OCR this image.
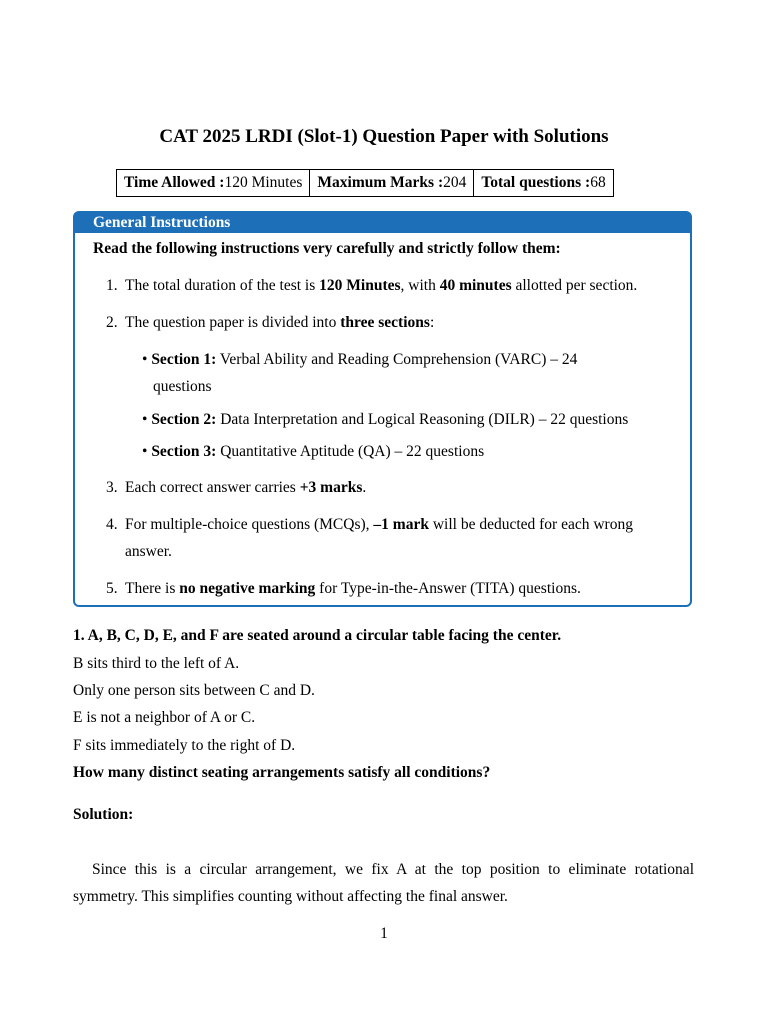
CAT 2025 LRDI (Slot-1) Question Paper with Solutions
Time Allowed :120 Minutes	Maximum Marks :204	Total questions :68
General Instructions
Read the following instructions very carefully and strictly follow them:
1. The total duration of the test is 120 Minutes, with 40 minutes allotted per section.
2. The question paper is divided into three sections:
• Section 1: Verbal Ability and Reading Comprehension (VARC) – 24
questions
• Section 2: Data Interpretation and Logical Reasoning (DILR) – 22 questions
• Section 3: Quantitative Aptitude (QA) – 22 questions
3. Each correct answer carries +3 marks.
4. For multiple-choice questions (MCQs), –1 mark will be deducted for each wrong
answer.
5. There is no negative marking for Type-in-the-Answer (TITA) questions.
1. A, B, C, D, E, and F are seated around a circular table facing the center.
B sits third to the left of A.
Only one person sits between C and D.
E is not a neighbor of A or C.
F sits immediately to the right of D.
How many distinct seating arrangements satisfy all conditions?
Solution:
Since this is a circular arrangement, we fix A at the top position to eliminate rotational symmetry. This simplifies counting without affecting the final answer.
1
